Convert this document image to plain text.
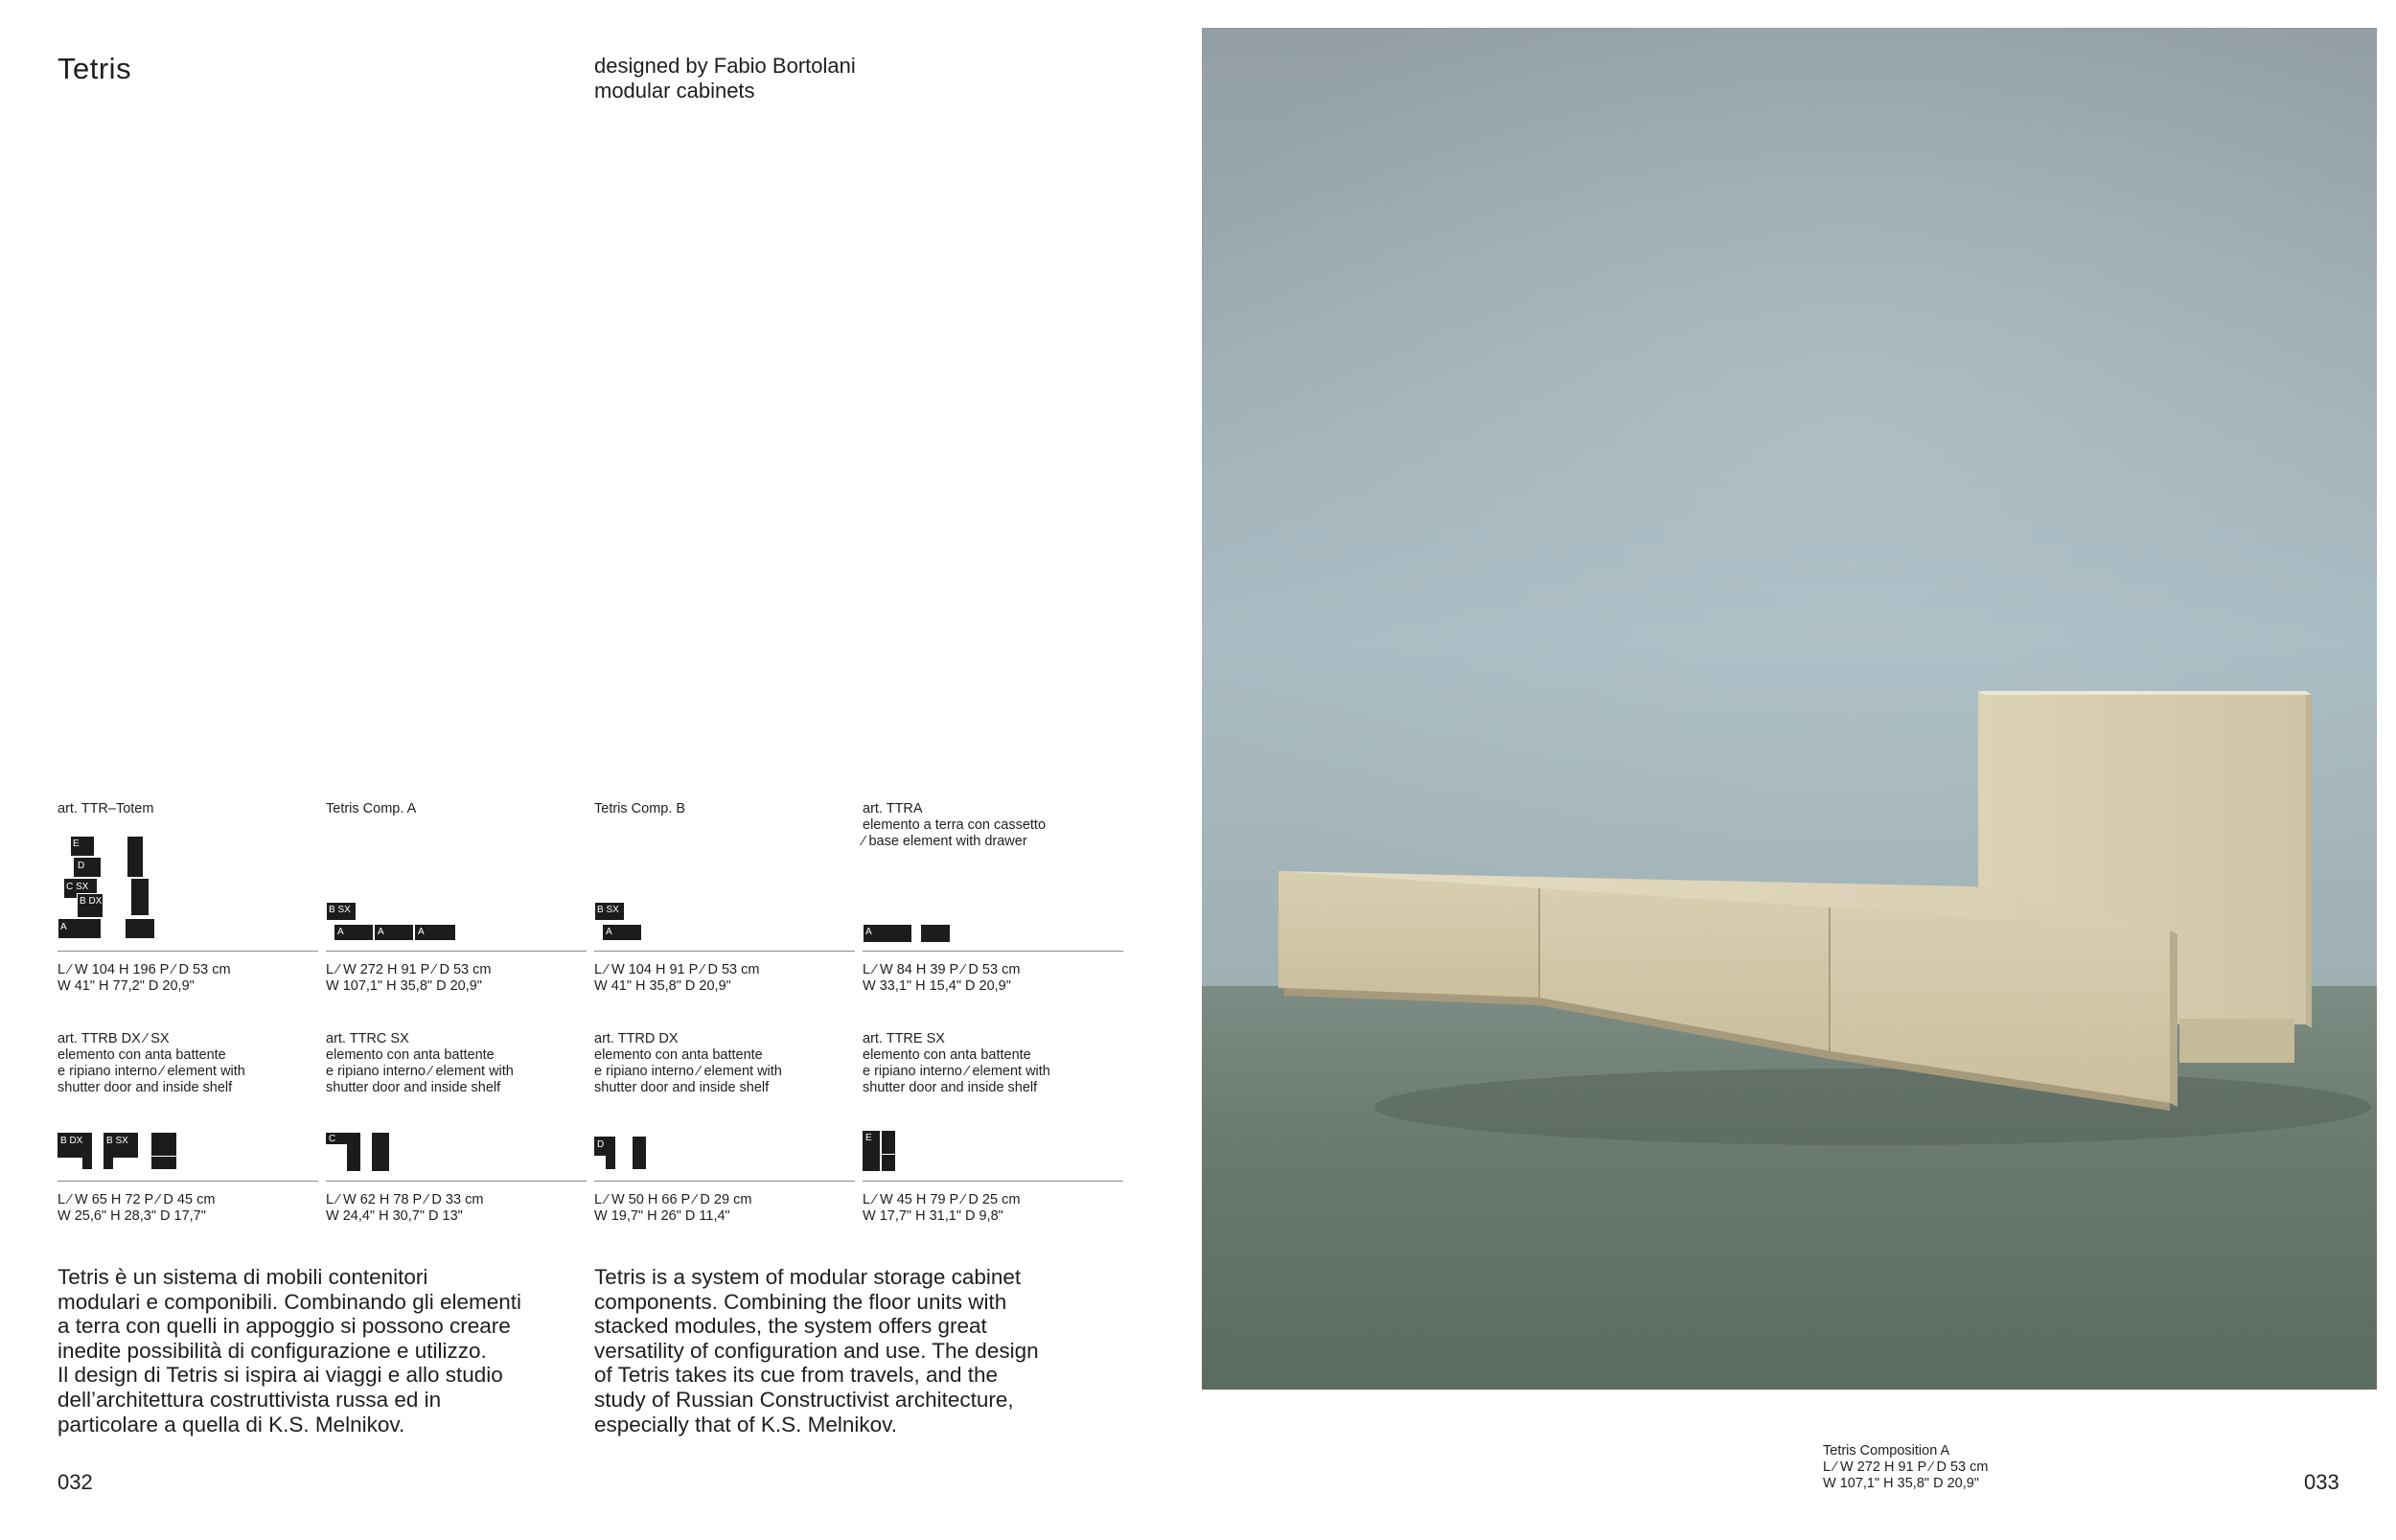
Tetris	designed by Fabio Bortolani
modular cabinets
art. TTR–Totem
E
D
C SX
B DX
A
L ⁄ W 104 H 196 P ⁄ D 53 cm
W 41" H 77,2" D 20,9"
Tetris Comp. A
B SX
A	A	A
L ⁄ W 272 H 91 P ⁄ D 53 cm
W 107,1" H 35,8" D 20,9"
Tetris Comp. B
B SX
A
L ⁄ W 104 H 91 P ⁄ D 53 cm
W 41" H 35,8" D 20,9"
art. TTRA
elemento a terra con cassetto
⁄ base element with drawer
A
L ⁄ W 84 H 39 P ⁄ D 53 cm
W 33,1" H 15,4" D 20,9"
art. TTRB DX ⁄ SX
elemento con anta battente
e ripiano interno ⁄ element with
shutter door and inside shelf
B DX B SX
L ⁄ W 65 H 72 P ⁄ D 45 cm
W 25,6" H 28,3" D 17,7"
art. TTRC SX
elemento con anta battente
e ripiano interno ⁄ element with
shutter door and inside shelf
C
L ⁄ W 62 H 78 P ⁄ D 33 cm
W 24,4" H 30,7" D 13"
art. TTRD DX
elemento con anta battente
e ripiano interno ⁄ element with
shutter door and inside shelf
D
L ⁄ W 50 H 66 P ⁄ D 29 cm
W 19,7" H 26" D 11,4"
art. TTRE SX
elemento con anta battente
e ripiano interno ⁄ element with
shutter door and inside shelf
E
L ⁄ W 45 H 79 P ⁄ D 25 cm
W 17,7" H 31,1" D 9,8"
Tetris è un sistema di mobili contenitori
modulari e componibili. Combinando gli elementi
a terra con quelli in appoggio si possono creare
inedite possibilità di configurazione e utilizzo.
Il design di Tetris si ispira ai viaggi e allo studio
dell’architettura costruttivista russa ed in
particolare a quella di K.S. Melnikov.
Tetris is a system of modular storage cabinet
components. Combining the floor units with
stacked modules, the system offers great
versatility of configuration and use. The design
of Tetris takes its cue from travels, and the
study of Russian Constructivist architecture,
especially that of K.S. Melnikov.
032	033
Tetris Composition A
L ⁄ W 272 H 91 P ⁄ D 53 cm
W 107,1" H 35,8" D 20,9"
